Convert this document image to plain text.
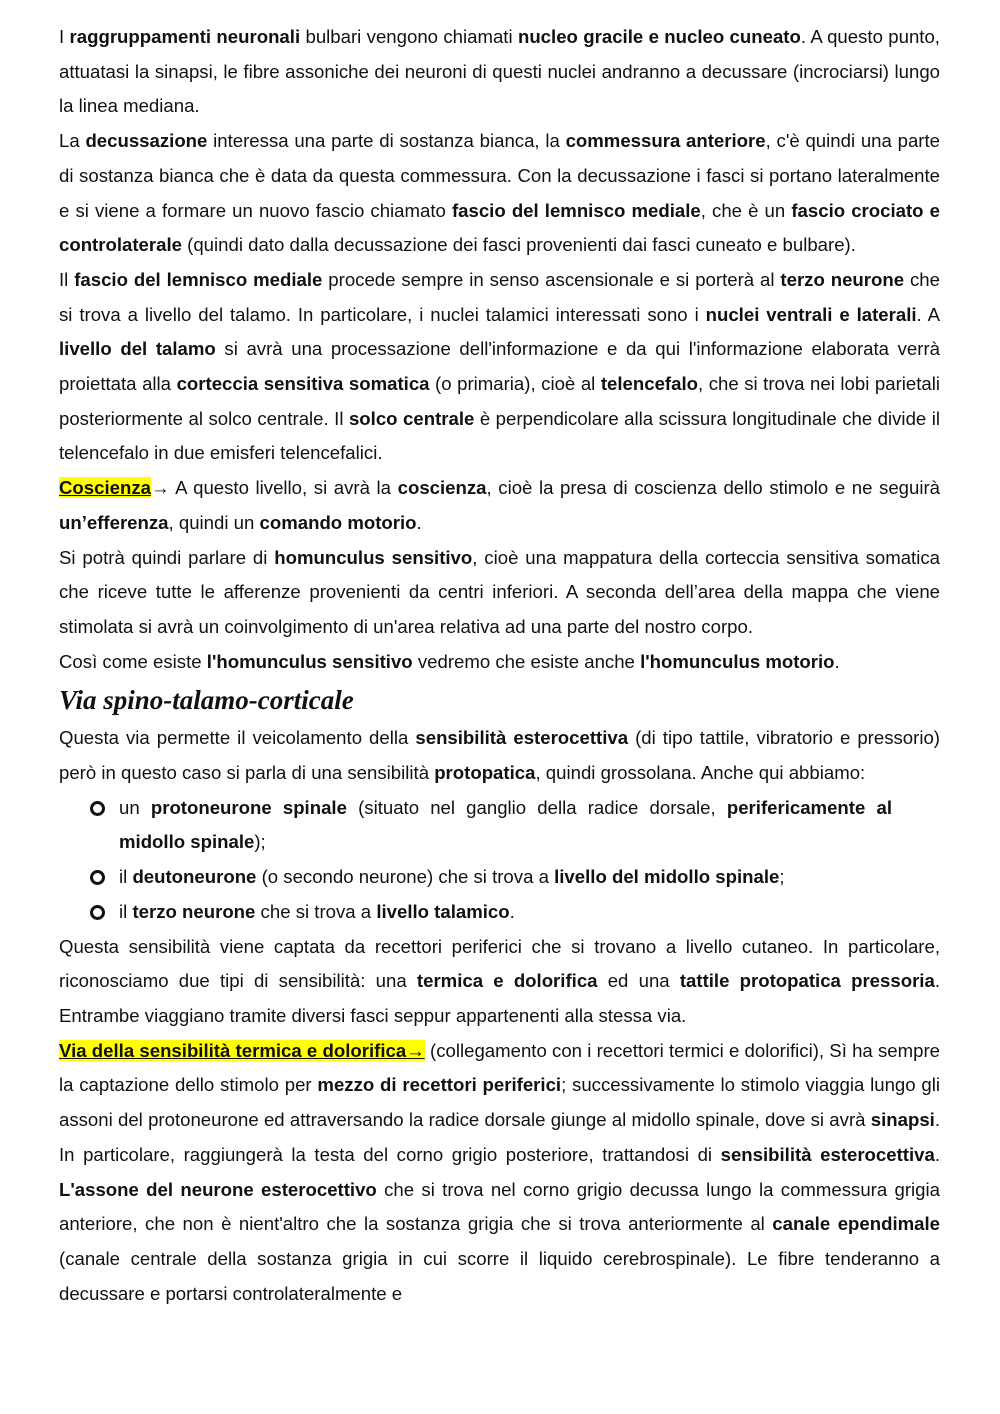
I raggruppamenti neuronali bulbari vengono chiamati nucleo gracile e nucleo cuneato. A questo punto, attuatasi la sinapsi, le fibre assoniche dei neuroni di questi nuclei andranno a decussare (incrociarsi) lungo la linea mediana.

La decussazione interessa una parte di sostanza bianca, la commessura anteriore, c'è quindi una parte di sostanza bianca che è data da questa commessura. Con la decussazione i fasci si portano lateralmente e si viene a formare un nuovo fascio chiamato fascio del lemnisco mediale, che è un fascio crociato e controlaterale (quindi dato dalla decussazione dei fasci provenienti dai fasci cuneato e bulbare).

Il fascio del lemnisco mediale procede sempre in senso ascensionale e si porterà al terzo neurone che si trova a livello del talamo. In particolare, i nuclei talamici interessati sono i nuclei ventrali e laterali. A livello del talamo si avrà una processazione dell'informazione e da qui l'informazione elaborata verrà proiettata alla corteccia sensitiva somatica (o primaria), cioè al telencefalo, che si trova nei lobi parietali posteriormente al solco centrale. Il solco centrale è perpendicolare alla scissura longitudinale che divide il telencefalo in due emisferi telencefalici.

Coscienza→ A questo livello, si avrà la coscienza, cioè la presa di coscienza dello stimolo e ne seguirà un’efferenza, quindi un comando motorio.

Si potrà quindi parlare di homunculus sensitivo, cioè una mappatura della corteccia sensitiva somatica che riceve tutte le afferenze provenienti da centri inferiori. A seconda dell’area della mappa che viene stimolata si avrà un coinvolgimento di un'area relativa ad una parte del nostro corpo.

Così come esiste l'homunculus sensitivo vedremo che esiste anche l'homunculus motorio.

Via spino-talamo-corticale

Questa via permette il veicolamento della sensibilità esterocettiva (di tipo tattile, vibratorio e pressorio) però in questo caso si parla di una sensibilità protopatica, quindi grossolana. Anche qui abbiamo:

un protoneurone spinale (situato nel ganglio della radice dorsale, perifericamente al midollo spinale);
il deutoneurone (o secondo neurone) che si trova a livello del midollo spinale;
il terzo neurone che si trova a livello talamico.

Questa sensibilità viene captata da recettori periferici che si trovano a livello cutaneo. In particolare, riconosciamo due tipi di sensibilità: una termica e dolorifica ed una tattile protopatica pressoria. Entrambe viaggiano tramite diversi fasci seppur appartenenti alla stessa via.

Via della sensibilità termica e dolorifica→ (collegamento con i recettori termici e dolorifici), Sì ha sempre la captazione dello stimolo per mezzo di recettori periferici; successivamente lo stimolo viaggia lungo gli assoni del protoneurone ed attraversando la radice dorsale giunge al midollo spinale, dove si avrà sinapsi. In particolare, raggiungerà la testa del corno grigio posteriore, trattandosi di sensibilità esterocettiva. L'assone del neurone esterocettivo che si trova nel corno grigio decussa lungo la commessura grigia anteriore, che non è nient'altro che la sostanza grigia che si trova anteriormente al canale ependimale (canale centrale della sostanza grigia in cui scorre il liquido cerebrospinale). Le fibre tenderanno a decussare e portarsi controlateralmente e
